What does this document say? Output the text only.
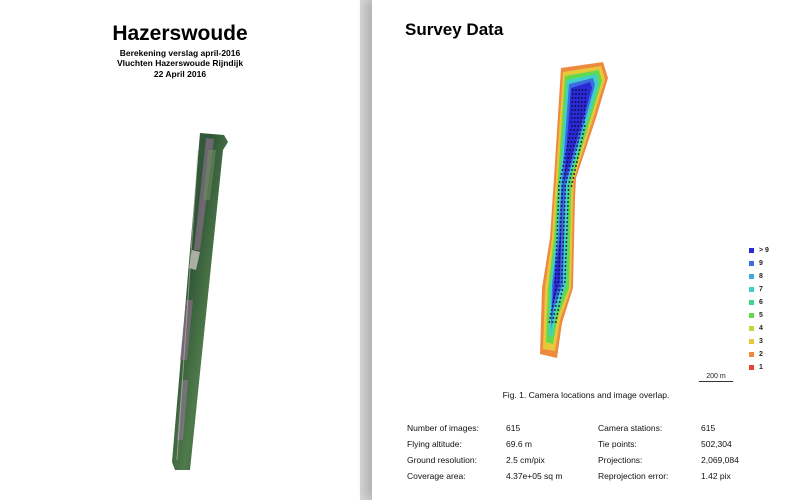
Hazerswoude
Berekening verslag april-2016
Vluchten Hazerswoude Rijndijk
22 April 2016
Survey Data
> 9
9
8
7
6
5
4
3
2
1
200 m
Fig. 1. Camera locations and image overlap.
Number of images:	615	Camera stations:	615
Flying altitude:	69.6 m	Tie points:	502,304
Ground resolution:	2.5 cm/pix	Projections:	2,069,084
Coverage area:	4.37e+05 sq m	Reprojection error:	1.42 pix
